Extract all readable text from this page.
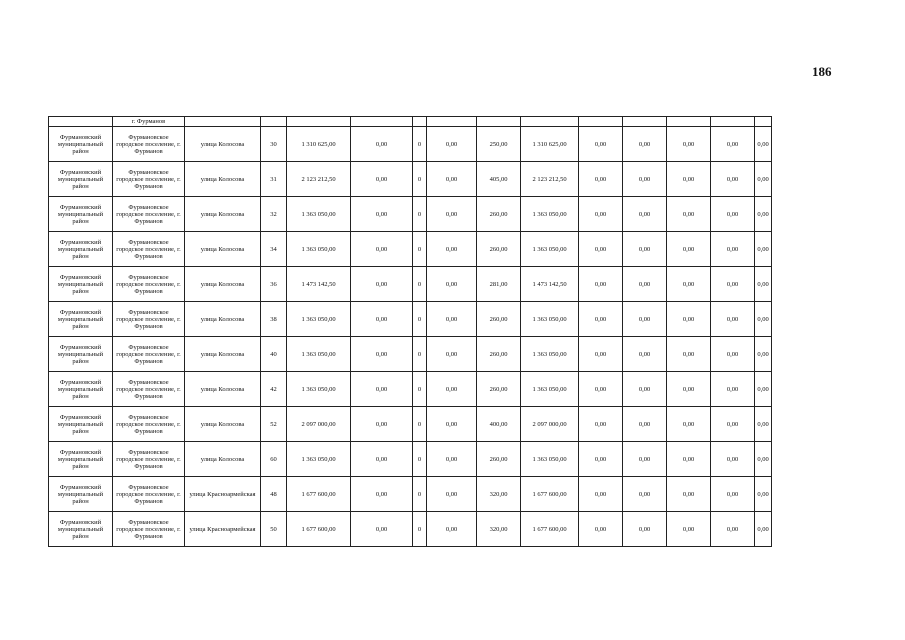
186
	г. Фурманов													
Фурмановский муниципальный район	Фурмановское городское поселение, г. Фурманов	улица Колосова	30	1 310 625,00	0,00	0	0,00	250,00	1 310 625,00	0,00	0,00	0,00	0,00	0,00
Фурмановский муниципальный район	Фурмановское городское поселение, г. Фурманов	улица Колосова	31	2 123 212,50	0,00	0	0,00	405,00	2 123 212,50	0,00	0,00	0,00	0,00	0,00
Фурмановский муниципальный район	Фурмановское городское поселение, г. Фурманов	улица Колосова	32	1 363 050,00	0,00	0	0,00	260,00	1 363 050,00	0,00	0,00	0,00	0,00	0,00
Фурмановский муниципальный район	Фурмановское городское поселение, г. Фурманов	улица Колосова	34	1 363 050,00	0,00	0	0,00	260,00	1 363 050,00	0,00	0,00	0,00	0,00	0,00
Фурмановский муниципальный район	Фурмановское городское поселение, г. Фурманов	улица Колосова	36	1 473 142,50	0,00	0	0,00	281,00	1 473 142,50	0,00	0,00	0,00	0,00	0,00
Фурмановский муниципальный район	Фурмановское городское поселение, г. Фурманов	улица Колосова	38	1 363 050,00	0,00	0	0,00	260,00	1 363 050,00	0,00	0,00	0,00	0,00	0,00
Фурмановский муниципальный район	Фурмановское городское поселение, г. Фурманов	улица Колосова	40	1 363 050,00	0,00	0	0,00	260,00	1 363 050,00	0,00	0,00	0,00	0,00	0,00
Фурмановский муниципальный район	Фурмановское городское поселение, г. Фурманов	улица Колосова	42	1 363 050,00	0,00	0	0,00	260,00	1 363 050,00	0,00	0,00	0,00	0,00	0,00
Фурмановский муниципальный район	Фурмановское городское поселение, г. Фурманов	улица Колосова	52	2 097 000,00	0,00	0	0,00	400,00	2 097 000,00	0,00	0,00	0,00	0,00	0,00
Фурмановский муниципальный район	Фурмановское городское поселение, г. Фурманов	улица Колосова	60	1 363 050,00	0,00	0	0,00	260,00	1 363 050,00	0,00	0,00	0,00	0,00	0,00
Фурмановский муниципальный район	Фурмановское городское поселение, г. Фурманов	улица Красноармейская	48	1 677 600,00	0,00	0	0,00	320,00	1 677 600,00	0,00	0,00	0,00	0,00	0,00
Фурмановский муниципальный район	Фурмановское городское поселение, г. Фурманов	улица Красноармейская	50	1 677 600,00	0,00	0	0,00	320,00	1 677 600,00	0,00	0,00	0,00	0,00	0,00
